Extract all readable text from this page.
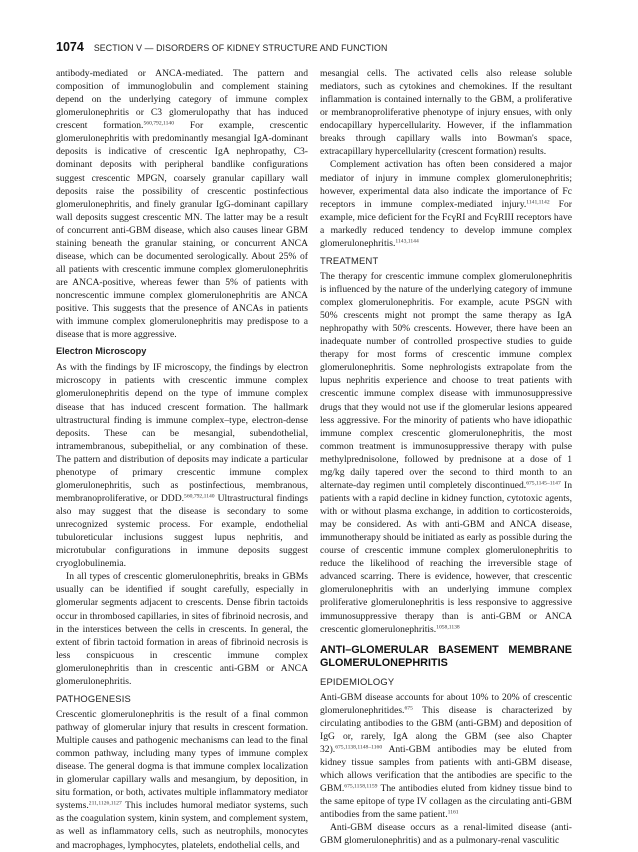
1074 SECTION V — DISORDERS OF KIDNEY STRUCTURE AND FUNCTION

antibody-mediated or ANCA-mediated. The pattern and composition of immunoglobulin and complement staining depend on the underlying category of immune complex glomerulonephritis or C3 glomerulopathy that has induced crescent formation.$^{560,792,1140}$ For example, crescentic glomerulonephritis with predominantly mesangial IgA-dominant deposits is indicative of crescentic IgA nephropathy, C3-dominant deposits with peripheral bandlike configurations suggest crescentic MPGN, coarsely granular capillary wall deposits raise the possibility of crescentic postinfectious glomerulonephritis, and finely granular IgG-dominant capillary wall deposits suggest crescentic MN. The latter may be a result of concurrent anti-GBM disease, which also causes linear GBM staining beneath the granular staining, or concurrent ANCA disease, which can be documented serologically. About 25% of all patients with crescentic immune complex glomerulonephritis are ANCA-positive, whereas fewer than 5% of patients with noncrescentic immune complex glomerulonephritis are ANCA positive. This suggests that the presence of ANCAs in patients with immune complex glomerulonephritis may predispose to a disease that is more aggressive.

Electron Microscopy

As with the findings by IF microscopy, the findings by electron microscopy in patients with crescentic immune complex glomerulonephritis depend on the type of immune complex disease that has induced crescent formation. The hallmark ultrastructural finding is immune complex–type, electron-dense deposits. These can be mesangial, subendothelial, intramembranous, subepithelial, or any combination of these. The pattern and distribution of deposits may indicate a particular phenotype of primary crescentic immune complex glomerulonephritis, such as postinfectious, membranous, membranoproliferative, or DDD.$^{560,792,1140}$ Ultrastructural findings also may suggest that the disease is secondary to some unrecognized systemic process. For example, endothelial tubuloreticular inclusions suggest lupus nephritis, and microtubular configurations in immune deposits suggest cryoglobulinemia.

In all types of crescentic glomerulonephritis, breaks in GBMs usually can be identified if sought carefully, especially in glomerular segments adjacent to crescents. Dense fibrin tactoids occur in thrombosed capillaries, in sites of fibrinoid necrosis, and in the interstices between the cells in crescents. In general, the extent of fibrin tactoid formation in areas of fibrinoid necrosis is less conspicuous in crescentic immune complex glomerulonephritis than in crescentic anti-GBM or ANCA glomerulonephritis.

PATHOGENESIS

Crescentic glomerulonephritis is the result of a final common pathway of glomerular injury that results in crescent formation. Multiple causes and pathogenic mechanisms can lead to the final common pathway, including many types of immune complex disease. The general dogma is that immune complex localization in glomerular capillary walls and mesangium, by deposition, in situ formation, or both, activates multiple inflammatory mediator systems.$^{211,1126,1127}$ This includes humoral mediator systems, such as the coagulation system, kinin system, and complement system, as well as inflammatory cells, such as neutrophils, monocytes and macrophages, lymphocytes, platelets, endothelial cells, and

mesangial cells. The activated cells also release soluble mediators, such as cytokines and chemokines. If the resultant inflammation is contained internally to the GBM, a proliferative or membranoproliferative phenotype of injury ensues, with only endocapillary hypercellularity. However, if the inflammation breaks through capillary walls into Bowman's space, extracapillary hypercellularity (crescent formation) results.

Complement activation has often been considered a major mediator of injury in immune complex glomerulonephritis; however, experimental data also indicate the importance of Fc receptors in immune complex-mediated injury.$^{1141,1142}$ For example, mice deficient for the FcγRI and FcγRIII receptors have a markedly reduced tendency to develop immune complex glomerulonephritis.$^{1143,1144}$

TREATMENT

The therapy for crescentic immune complex glomerulonephritis is influenced by the nature of the underlying category of immune complex glomerulonephritis. For example, acute PSGN with 50% crescents might not prompt the same therapy as IgA nephropathy with 50% crescents. However, there have been an inadequate number of controlled prospective studies to guide therapy for most forms of crescentic immune complex glomerulonephritis. Some nephrologists extrapolate from the lupus nephritis experience and choose to treat patients with crescentic immune complex disease with immunosuppressive drugs that they would not use if the glomerular lesions appeared less aggressive. For the minority of patients who have idiopathic immune complex crescentic glomerulonephritis, the most common treatment is immunosuppressive therapy with pulse methylprednisolone, followed by prednisone at a dose of 1 mg/kg daily tapered over the second to third month to an alternate-day regimen until completely discontinued.$^{675,1145-1147}$ In patients with a rapid decline in kidney function, cytotoxic agents, with or without plasma exchange, in addition to corticosteroids, may be considered. As with anti-GBM and ANCA disease, immunotherapy should be initiated as early as possible during the course of crescentic immune complex glomerulonephritis to reduce the likelihood of reaching the irreversible stage of advanced scarring. There is evidence, however, that crescentic glomerulonephritis with an underlying immune complex proliferative glomerulonephritis is less responsive to aggressive immunosuppressive therapy than is anti-GBM or ANCA crescentic glomerulonephritis.$^{1058,1138}$

ANTI–GLOMERULAR BASEMENT MEMBRANE GLOMERULONEPHRITIS
EPIDEMIOLOGY

Anti-GBM disease accounts for about 10% to 20% of crescentic glomerulonephritides.$^{675}$ This disease is characterized by circulating antibodies to the GBM (anti-GBM) and deposition of IgG or, rarely, IgA along the GBM (see also Chapter 32).$^{675,1138,1148-1160}$ Anti-GBM antibodies may be eluted from kidney tissue samples from patients with anti-GBM disease, which allows verification that the antibodies are specific to the GBM.$^{675,1158,1159}$ The antibodies eluted from kidney tissue bind to the same epitope of type IV collagen as the circulating anti-GBM antibodies from the same patient.$^{1161}$

Anti-GBM disease occurs as a renal-limited disease (anti-GBM glomerulonephritis) and as a pulmonary-renal vasculitic
